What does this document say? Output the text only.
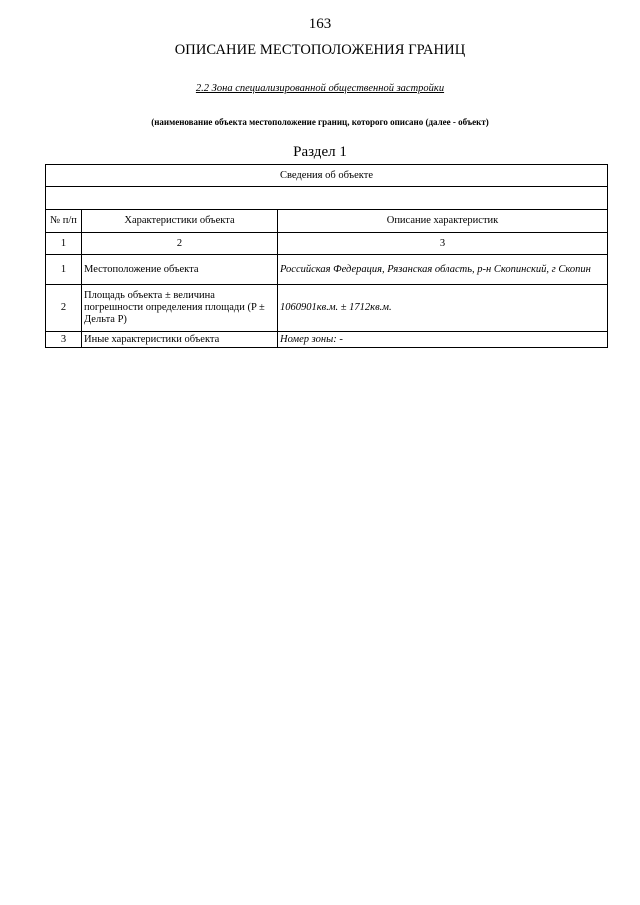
163
ОПИСАНИЕ МЕСТОПОЛОЖЕНИЯ ГРАНИЦ
2.2 Зона специализированной общественной застройки
(наименование объекта местоположение границ, которого описано (далее - объект)
Раздел 1
Сведения об объекте		

№ п/п	Характеристики объекта	Описание характеристик
1	2	3
1	Местоположение объекта	Российская Федерация, Рязанская область, р-н Скопинский, г Скопин
2	Площадь объекта ± величина погрешности определения площади (P ± Дельта P)	1060901кв.м. ± 1712кв.м.
3	Иные характеристики объекта	Номер зоны: -
